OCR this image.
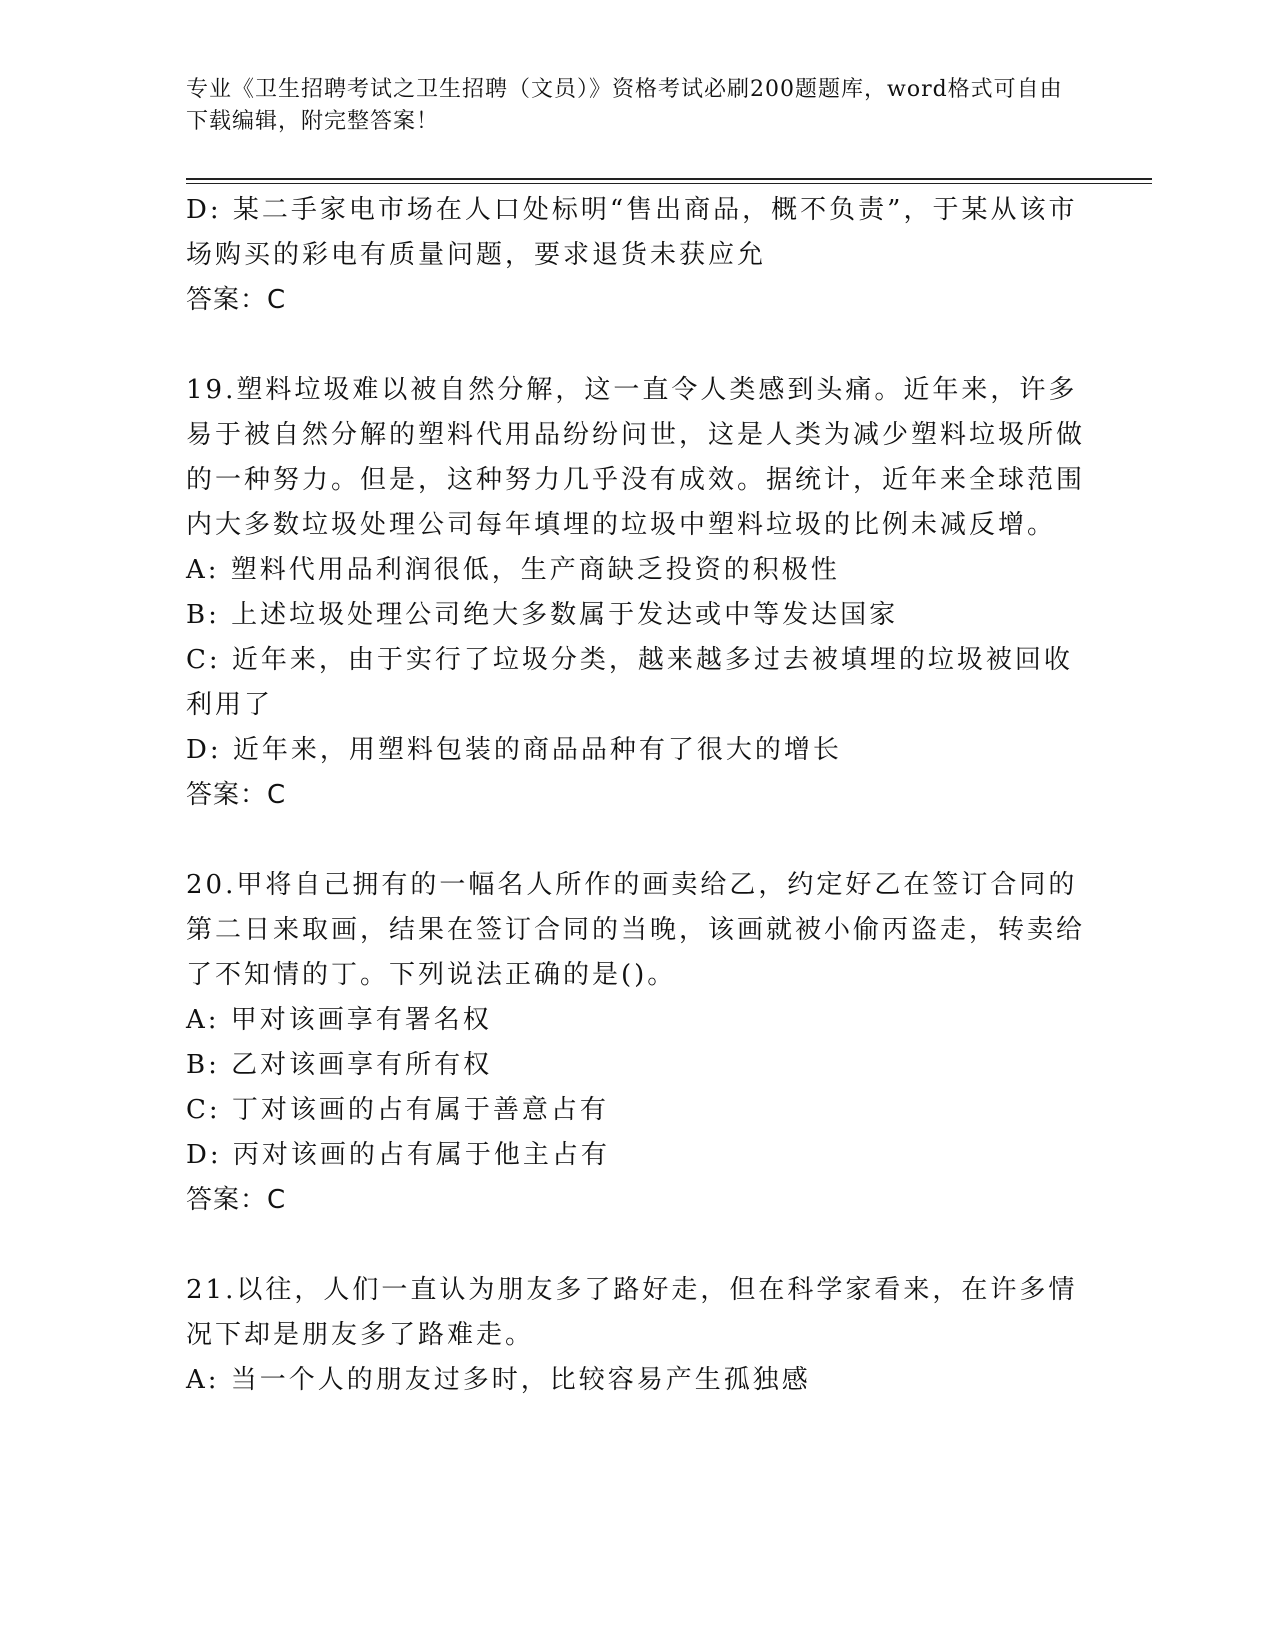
专业《卫生招聘考试之卫生招聘（文员）》资格考试必刷200题题库，word格式可自由下载编辑，附完整答案！
D: 某二手家电市场在人口处标明“售出商品，概不负责”，于某从该市场购买的彩电有质量问题，要求退货未获应允
答案：C
19.塑料垃圾难以被自然分解，这一直令人类感到头痛。近年来，许多易于被自然分解的塑料代用品纷纷问世，这是人类为减少塑料垃圾所做的一种努力。但是，这种努力几乎没有成效。据统计，近年来全球范围内大多数垃圾处理公司每年填埋的垃圾中塑料垃圾的比例未减反增。
A: 塑料代用品利润很低，生产商缺乏投资的积极性
B: 上述垃圾处理公司绝大多数属于发达或中等发达国家
C: 近年来，由于实行了垃圾分类，越来越多过去被填埋的垃圾被回收利用了
D: 近年来，用塑料包装的商品品种有了很大的增长
答案：C
20.甲将自己拥有的一幅名人所作的画卖给乙，约定好乙在签订合同的第二日来取画，结果在签订合同的当晚，该画就被小偷丙盗走，转卖给了不知情的丁。下列说法正确的是()。
A: 甲对该画享有署名权
B: 乙对该画享有所有权
C: 丁对该画的占有属于善意占有
D: 丙对该画的占有属于他主占有
答案：C
21.以往，人们一直认为朋友多了路好走，但在科学家看来，在许多情况下却是朋友多了路难走。
A: 当一个人的朋友过多时，比较容易产生孤独感
